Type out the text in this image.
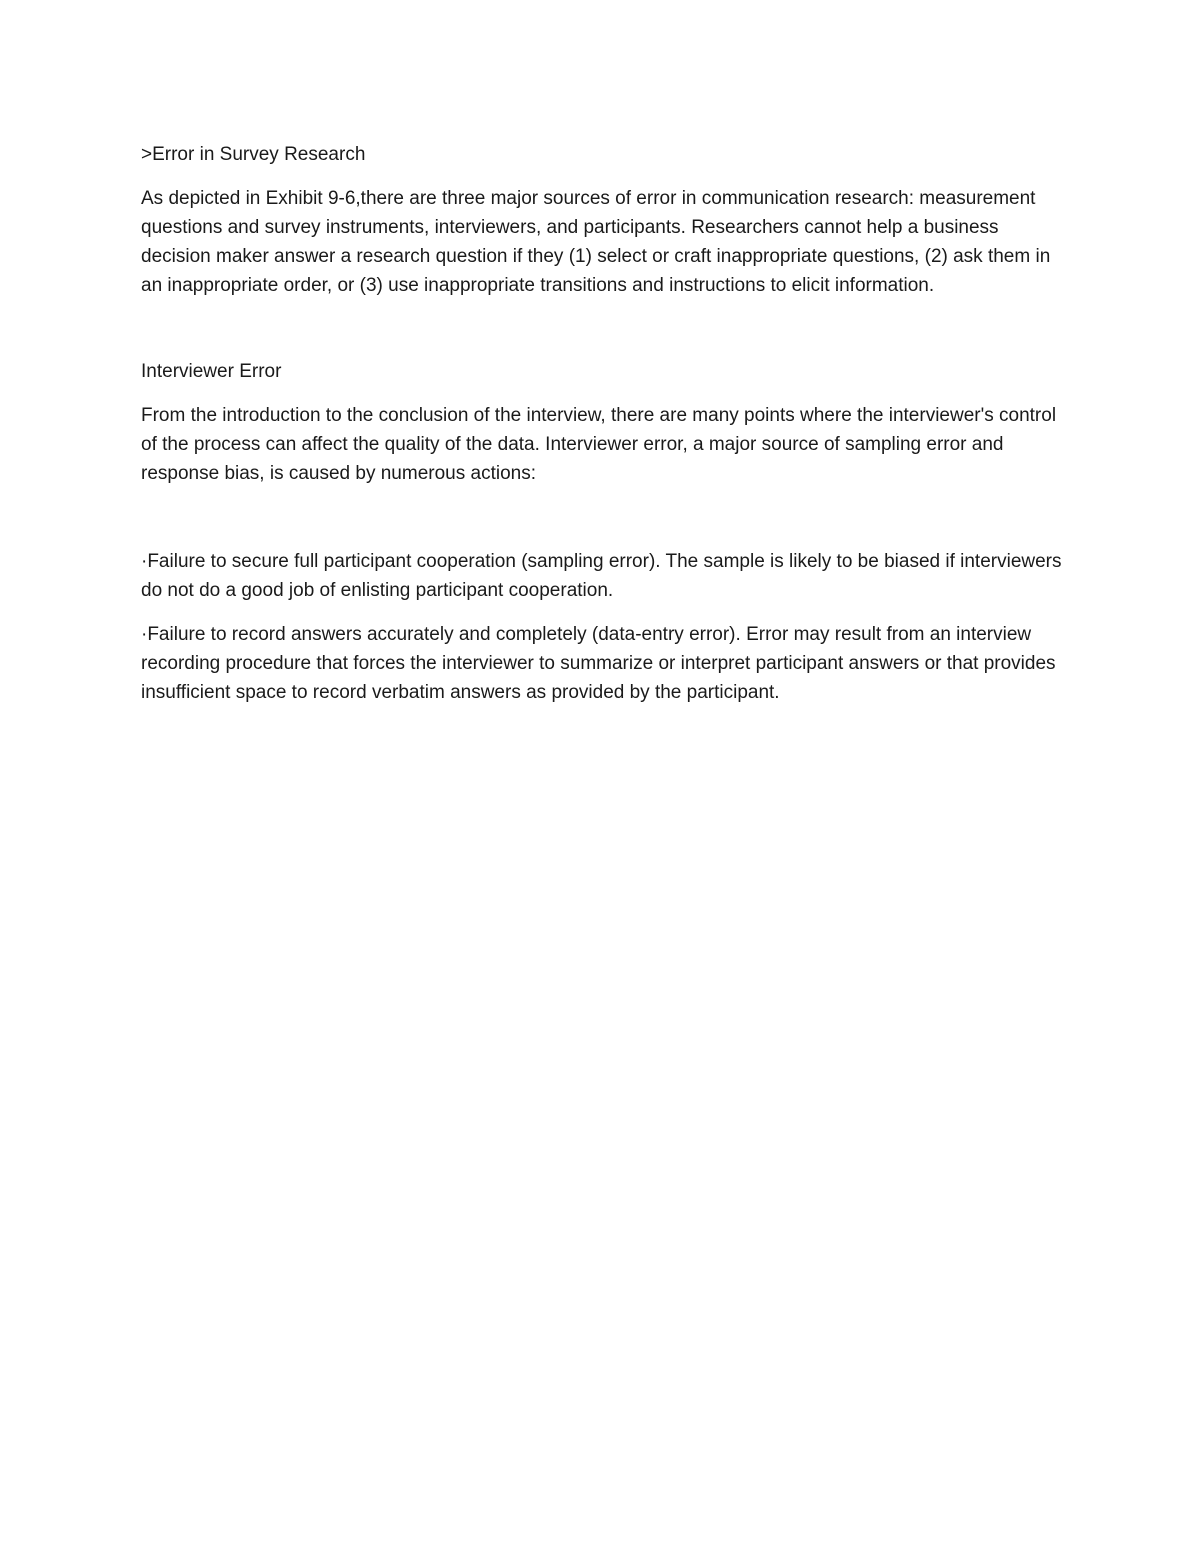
>Error in Survey Research
As depicted in Exhibit 9-6,there are three major sources of error in communication research: measurement questions and survey instruments, interviewers, and participants. Researchers cannot help a business decision maker answer a research question if they (1) select or craft inappropriate questions, (2) ask them in an inappropriate order, or (3) use inappropriate transitions and instructions to elicit information.
Interviewer Error
From the introduction to the conclusion of the interview, there are many points where the interviewer's control of the process can affect the quality of the data. Interviewer error, a major source of sampling error and response bias, is caused by numerous actions:
·Failure to secure full participant cooperation (sampling error). The sample is likely to be biased if interviewers do not do a good job of enlisting participant cooperation.
·Failure to record answers accurately and completely (data-entry error). Error may result from an interview recording procedure that forces the interviewer to summarize or interpret participant answers or that provides insufficient space to record verbatim answers as provided by the participant.
